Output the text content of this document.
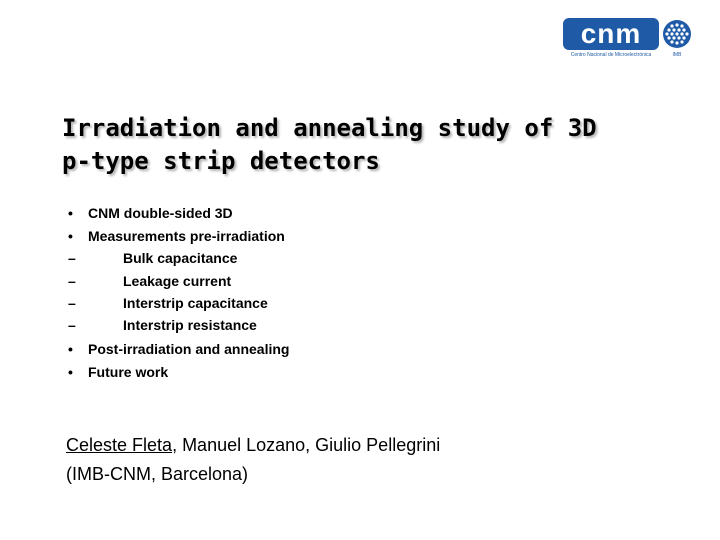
cnm
Centro Nacional de Microelectrónica	IMB
Irradiation and annealing study of 3D
p-type strip detectors
• CNM double-sided 3D
• Measurements pre-irradiation
–	Bulk capacitance
–	Leakage current
–	Interstrip capacitance
–	Interstrip resistance
• Post-irradiation and annealing
• Future work
Celeste Fleta, Manuel Lozano, Giulio Pellegrini
(IMB-CNM, Barcelona)
